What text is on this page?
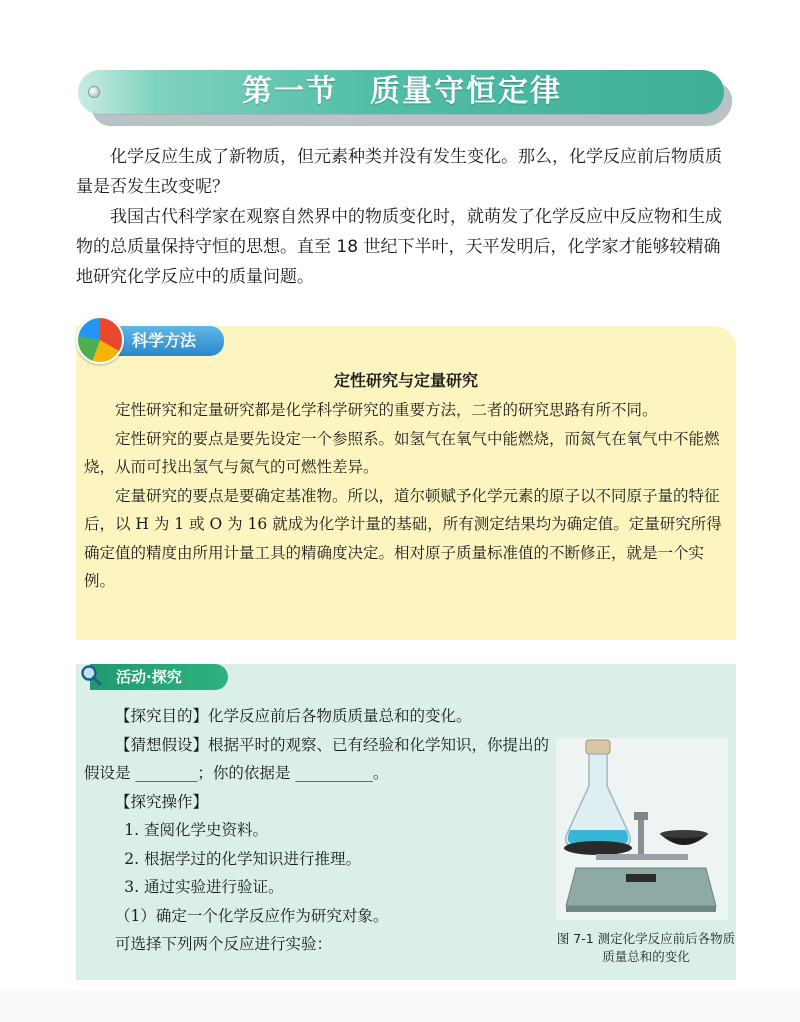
第一节　质量守恒定律

化学反应生成了新物质，但元素种类并没有发生变化。那么，化学反应前后物质质量是否发生改变呢？

我国古代科学家在观察自然界中的物质变化时，就萌发了化学反应中反应物和生成物的总质量保持守恒的思想。直至 18 世纪下半叶，天平发明后，化学家才能够较精确地研究化学反应中的质量问题。

科学方法
定性研究与定量研究

定性研究和定量研究都是化学科学研究的重要方法，二者的研究思路有所不同。

定性研究的要点是要先设定一个参照系。如氢气在氧气中能燃烧，而氮气在氧气中不能燃烧，从而可找出氢气与氮气的可燃性差异。

定量研究的要点是要确定基准物。所以，道尔顿赋予化学元素的原子以不同原子量的特征后，以 H 为 1 或 O 为 16 就成为化学计量的基础，所有测定结果均为确定值。定量研究所得确定值的精度由所用计量工具的精确度决定。相对原子质量标准值的不断修正，就是一个实例。

活动·探究

【探究目的】化学反应前后各物质质量总和的变化。

【猜想假设】根据平时的观察、已有经验和化学知识，你提出的假设是 ________；你的依据是 __________。

【探究操作】

1. 查阅化学史资料。

2. 根据学过的化学知识进行推理。

3. 通过实验进行验证。

（1）确定一个化学反应作为研究对象。

可选择下列两个反应进行实验：	图 7-1 测定化学反应前后各物质质量总和的变化
